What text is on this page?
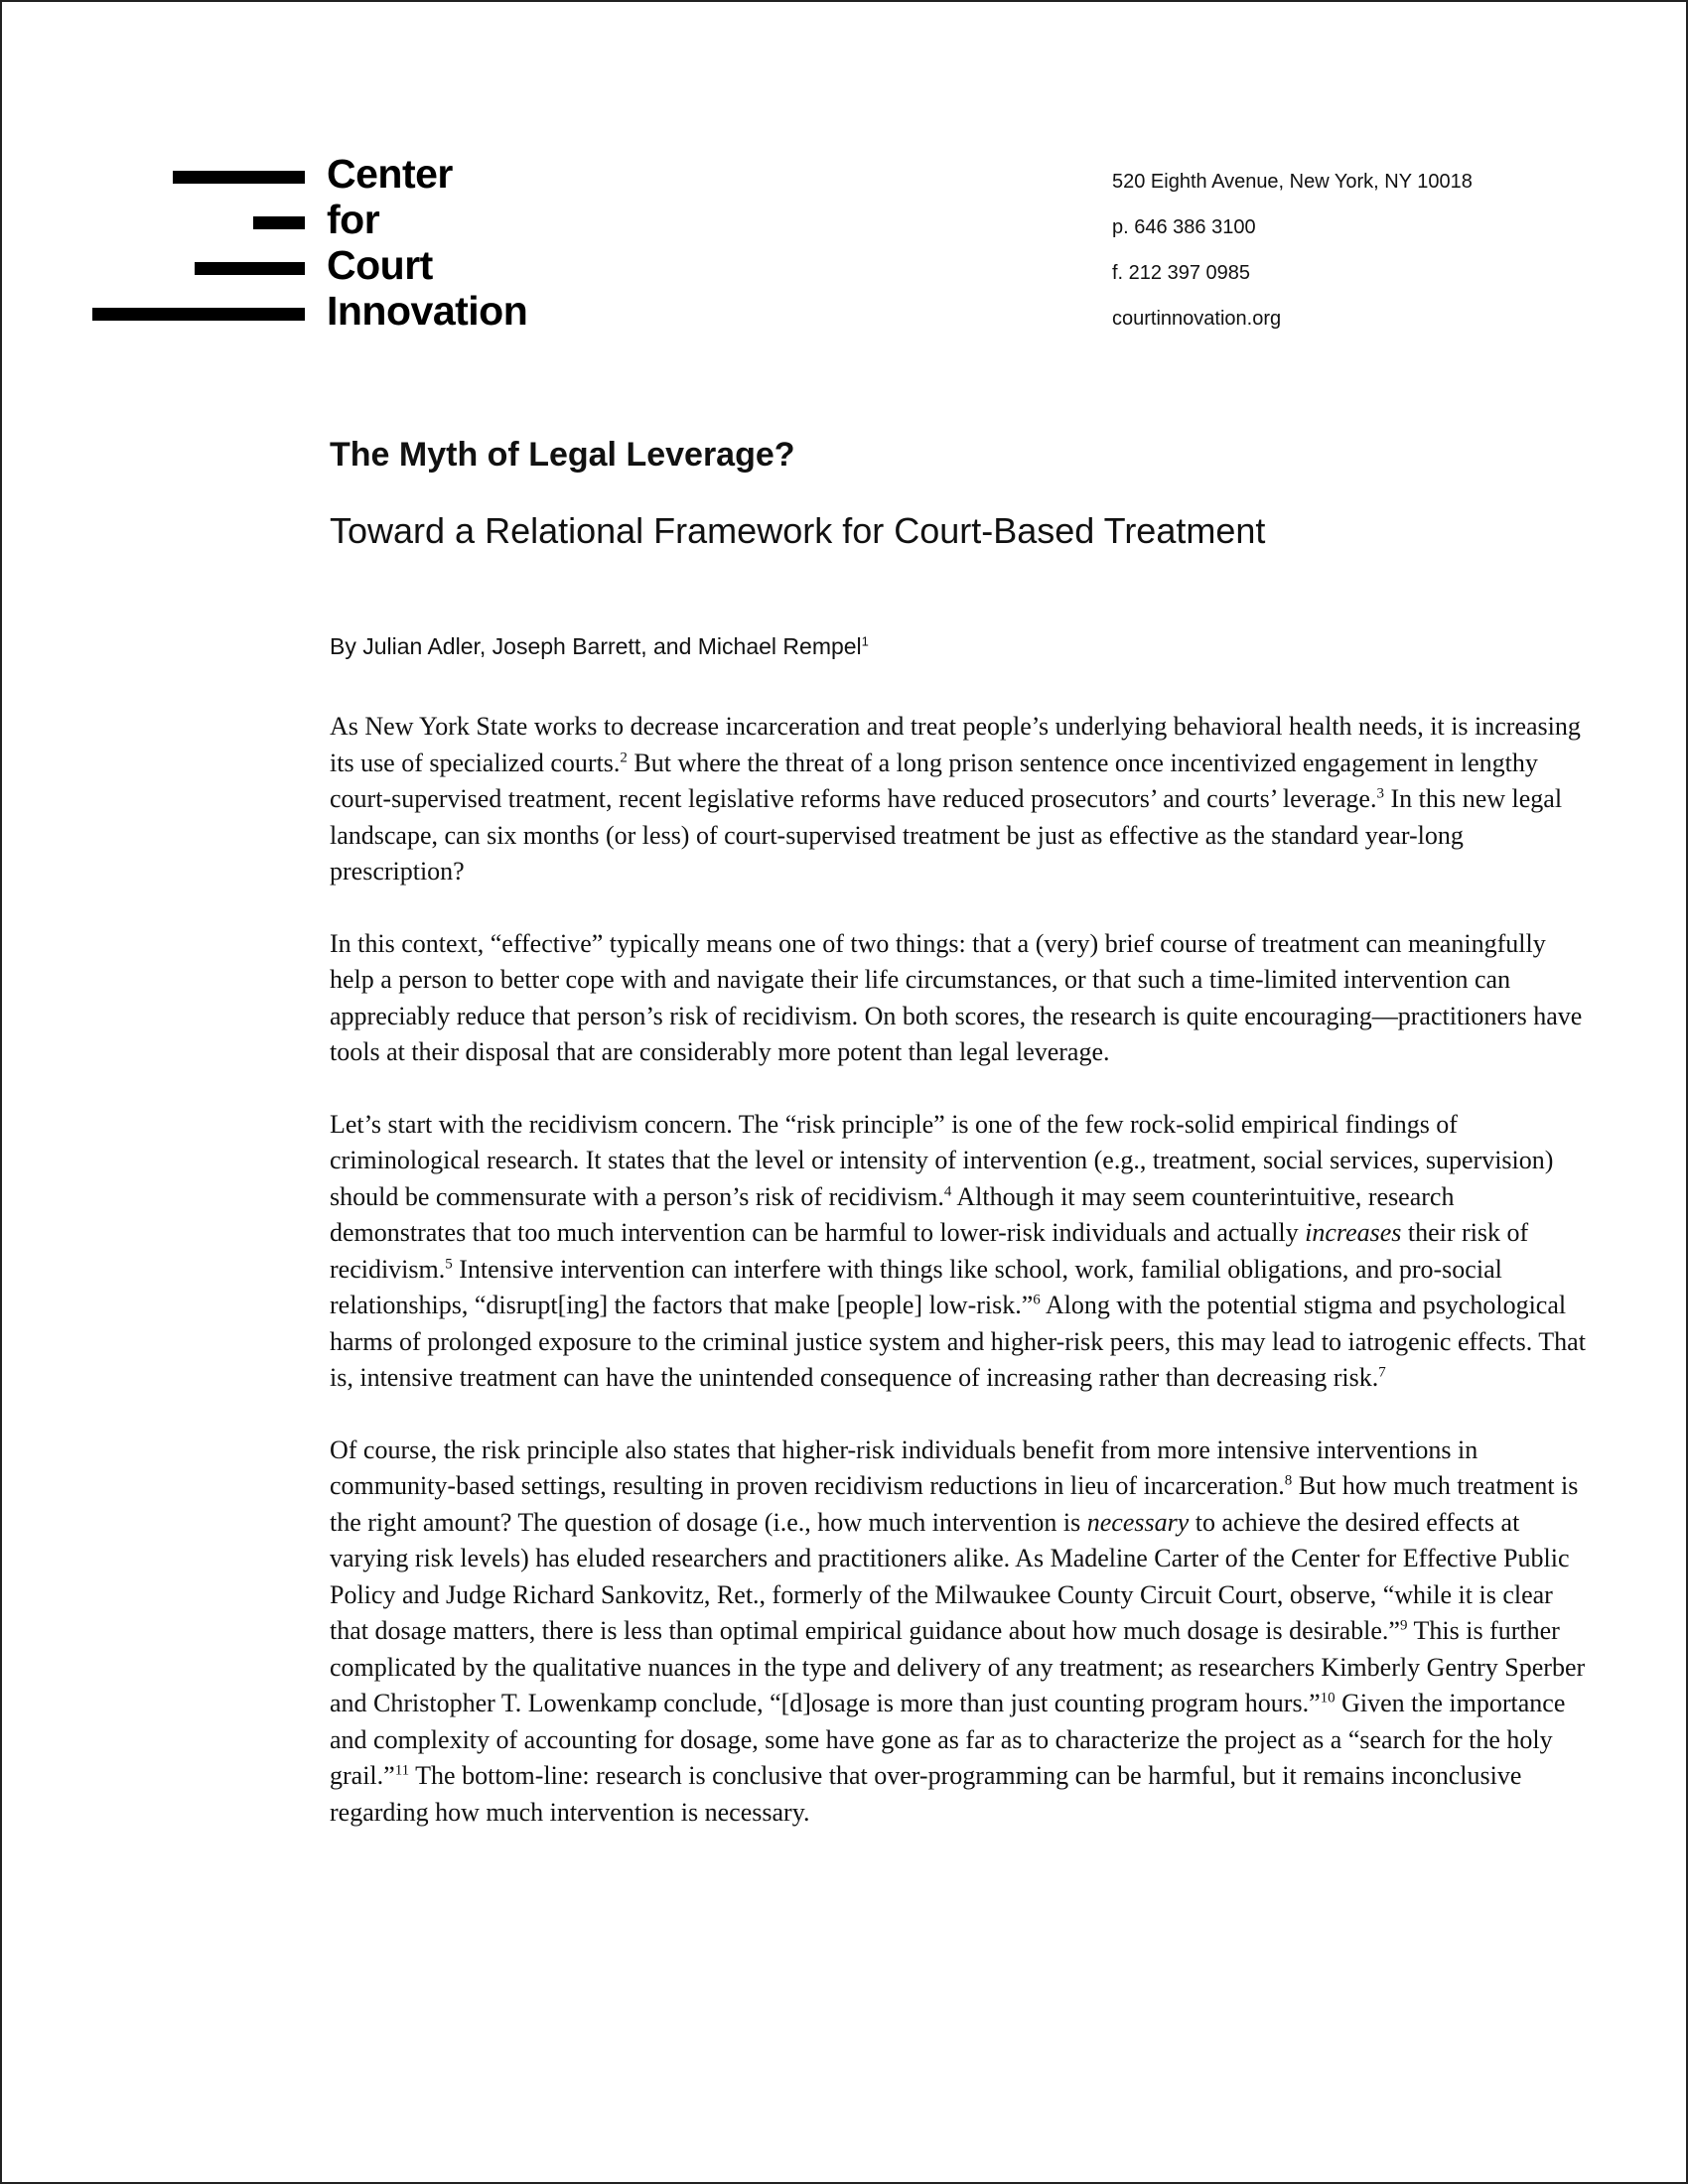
Center
for
Court
Innovation
520 Eighth Avenue, New York, NY 10018
p. 646 386 3100
f. 212 397 0985
courtinnovation.org
The Myth of Legal Leverage?
Toward a Relational Framework for Court-Based Treatment
By Julian Adler, Joseph Barrett, and Michael Rempel$^1$

As New York State works to decrease incarceration and treat people’s underlying behavioral health needs, it is increasing its use of specialized courts.$^2$ But where the threat of a long prison sentence once incentivized engagement in lengthy court-supervised treatment, recent legislative reforms have reduced prosecutors’ and courts’ leverage.$^3$ In this new legal landscape, can six months (or less) of court-supervised treatment be just as effective as the standard year-long prescription?

In this context, “effective” typically means one of two things: that a (very) brief course of treatment can meaningfully help a person to better cope with and navigate their life circumstances, or that such a time-limited intervention can appreciably reduce that person’s risk of recidivism. On both scores, the research is quite encouraging—practitioners have tools at their disposal that are considerably more potent than legal leverage.

Let’s start with the recidivism concern. The “risk principle” is one of the few rock-solid empirical findings of criminological research. It states that the level or intensity of intervention (e.g., treatment, social services, supervision) should be commensurate with a person’s risk of recidivism.$^4$ Although it may seem counterintuitive, research demonstrates that too much intervention can be harmful to lower-risk individuals and actually increases their risk of recidivism.$^5$ Intensive intervention can interfere with things like school, work, familial obligations, and pro-social relationships, “disrupt[ing] the factors that make [people] low-risk.”$^6$ Along with the potential stigma and psychological harms of prolonged exposure to the criminal justice system and higher-risk peers, this may lead to iatrogenic effects. That is, intensive treatment can have the unintended consequence of increasing rather than decreasing risk.$^7$

Of course, the risk principle also states that higher-risk individuals benefit from more intensive interventions in community-based settings, resulting in proven recidivism reductions in lieu of incarceration.$^8$ But how much treatment is the right amount? The question of dosage (i.e., how much intervention is necessary to achieve the desired effects at varying risk levels) has eluded researchers and practitioners alike. As Madeline Carter of the Center for Effective Public Policy and Judge Richard Sankovitz, Ret., formerly of the Milwaukee County Circuit Court, observe, “while it is clear that dosage matters, there is less than optimal empirical guidance about how much dosage is desirable.”$^9$ This is further complicated by the qualitative nuances in the type and delivery of any treatment; as researchers Kimberly Gentry Sperber and Christopher T. Lowenkamp conclude, “[d]osage is more than just counting program hours.”$^{10}$ Given the importance and complexity of accounting for dosage, some have gone as far as to characterize the project as a “search for the holy grail.”$^{11}$ The bottom-line: research is conclusive that over-programming can be harmful, but it remains inconclusive regarding how much intervention is necessary.
